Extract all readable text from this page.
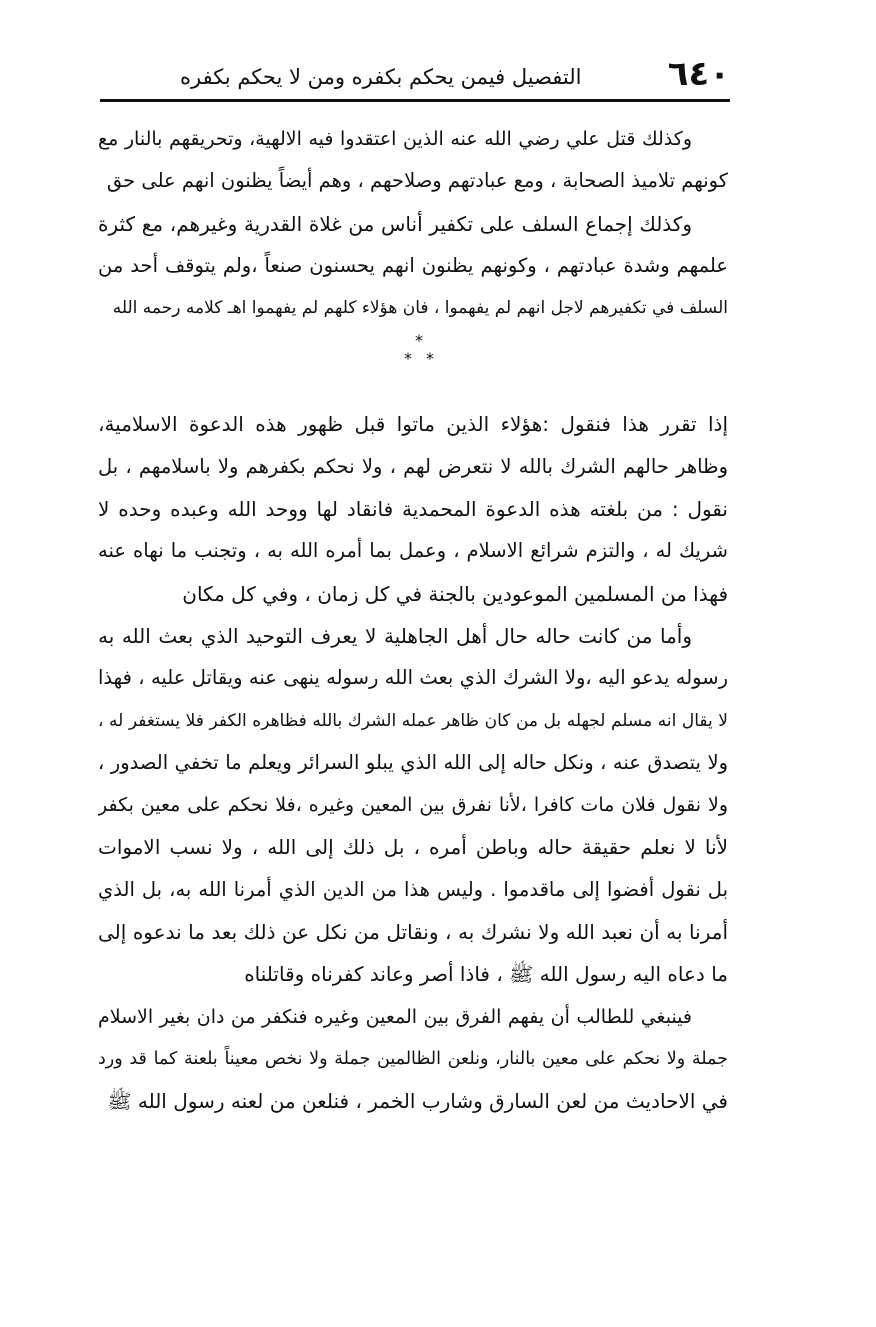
٦٤٠
التفصيل فيمن يحكم بكفره ومن لا يحكم بكفره

وكذلك قتل علي رضي الله عنه الذين اعتقدوا فيه الالهية، وتحريقهم بالنار مع
كونهم تلاميذ الصحابة ، ومع عبادتهم وصلاحهم ، وهم أيضاً يظنون انهم على حق

وكذلك إجماع السلف على تكفير أناس من غلاة القدرية وغيرهم، مع كثرة
علمهم وشدة عبادتهم ، وكونهم يظنون انهم يحسنون صنعاً ،ولم يتوقف أحد من
السلف في تكفيرهم لاجل انهم لم يفهموا ، فان هؤلاء كلهم لم يفهموا اهـ كلامه رحمه الله

*
* *

إذا تقرر هذا فنقول :هؤلاء الذين ماتوا قبل ظهور هذه الدعوة الاسلامية،
وظاهر حالهم الشرك بالله لا نتعرض لهم ، ولا نحكم بكفرهم ولا باسلامهم ، بل
نقول : من بلغته هذه الدعوة المحمدية فانقاد لها ووحد الله وعبده وحده لا
شريك له ، والتزم شرائع الاسلام ، وعمل بما أمره الله به ، وتجنب ما نهاه عنه
فهذا من المسلمين الموعودين بالجنة في كل زمان ، وفي كل مكان

وأما من كانت حاله حال أهل الجاهلية لا يعرف التوحيد الذي بعث الله به
رسوله يدعو اليه ،ولا الشرك الذي بعث الله رسوله ينهى عنه ويقاتل عليه ، فهذا
لا يقال انه مسلم لجهله بل من كان ظاهر عمله الشرك بالله فظاهره الكفر فلا يستغفر له ،
ولا يتصدق عنه ، ونكل حاله إلى الله الذي يبلو السرائر ويعلم ما تخفي الصدور ،
ولا نقول فلان مات كافرا ،لأنا نفرق بين المعين وغيره ،فلا نحكم على معين بكفر
لأنا لا نعلم حقيقة حاله وباطن أمره ، بل ذلك إلى الله ، ولا نسب الاموات
بل نقول أفضوا إلى ماقدموا . وليس هذا من الدين الذي أمرنا الله به، بل الذي
أمرنا به أن نعبد الله ولا نشرك به ، ونقاتل من نكل عن ذلك بعد ما ندعوه إلى
ما دعاه اليه رسول الله ﷺ ، فاذا أصر وعاند كفرناه وقاتلناه

فينبغي للطالب أن يفهم الفرق بين المعين وغيره فنكفر من دان بغير الاسلام
جملة ولا نحكم على معين بالنار، ونلعن الظالمين جملة ولا نخص معيناً بلعنة كما قد ورد
في الاحاديث من لعن السارق وشارب الخمر ، فنلعن من لعنه رسول الله ﷺ
